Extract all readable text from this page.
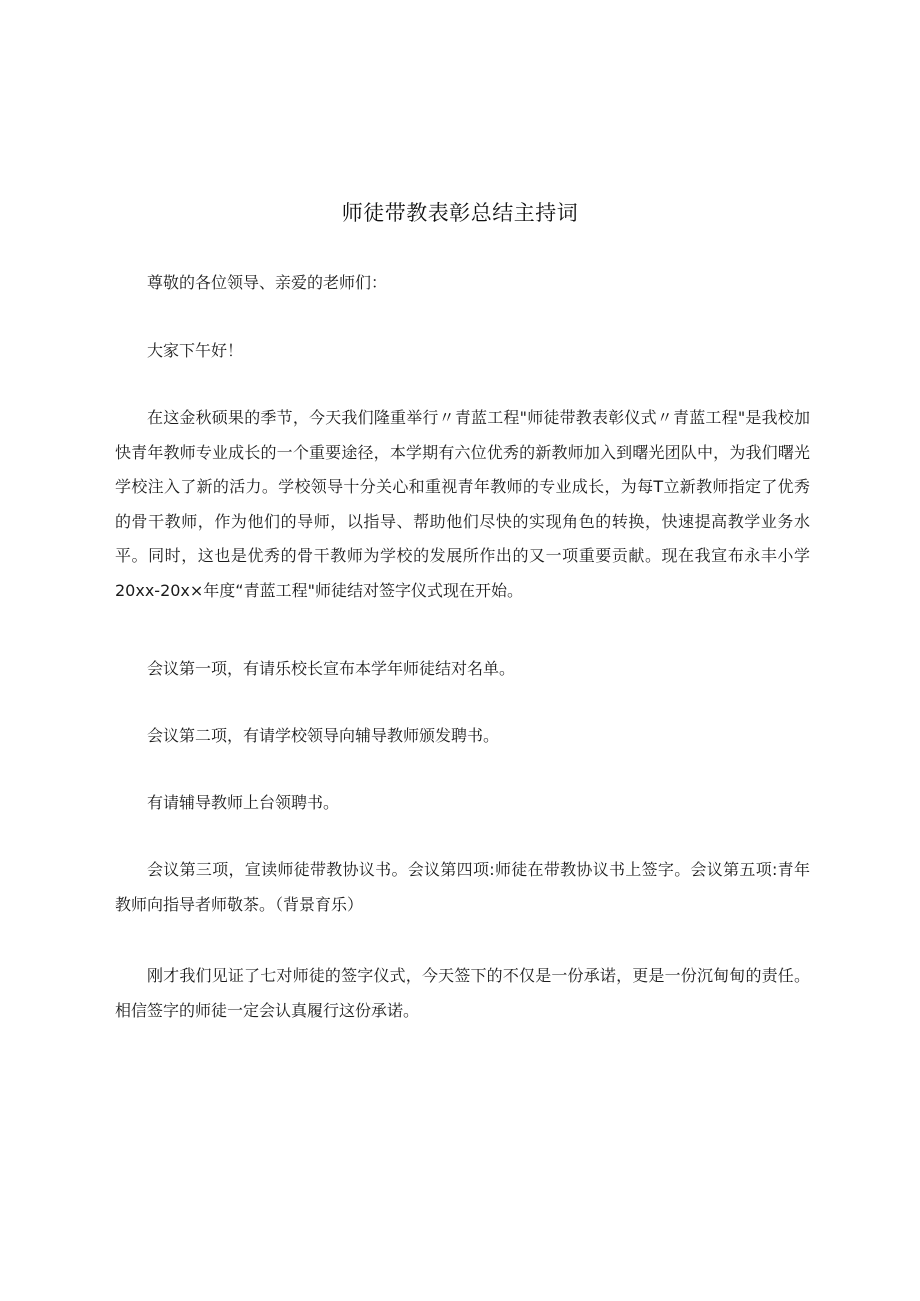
师徒带教表彰总结主持词

尊敬的各位领导、亲爱的老师们：

大家下午好！

在这金秋硕果的季节，今天我们隆重举行〃青蓝工程"师徒带教表彰仪式〃青蓝工程"是我校加快青年教师专业成长的一个重要途径，本学期有六位优秀的新教师加入到曙光团队中，为我们曙光学校注入了新的活力。学校领导十分关心和重视青年教师的专业成长，为每T立新教师指定了优秀的骨干教师，作为他们的导师，以指导、帮助他们尽快的实现角色的转换，快速提高教学业务水平。同时，这也是优秀的骨干教师为学校的发展所作出的又一项重要贡献。现在我宣布永丰小学20xx-20x×年度“青蓝工程"师徒结对签字仪式现在开始。

会议第一项，有请乐校长宣布本学年师徒结对名单。

会议第二项，有请学校领导向辅导教师颁发聘书。

有请辅导教师上台领聘书。

会议第三项，宣读师徒带教协议书。会议第四项:师徒在带教协议书上签字。会议第五项:青年教师向指导者师敬茶。（背景育乐）

刚才我们见证了七对师徒的签字仪式，今天签下的不仅是一份承诺，更是一份沉甸甸的责任。相信签字的师徒一定会认真履行这份承诺。
